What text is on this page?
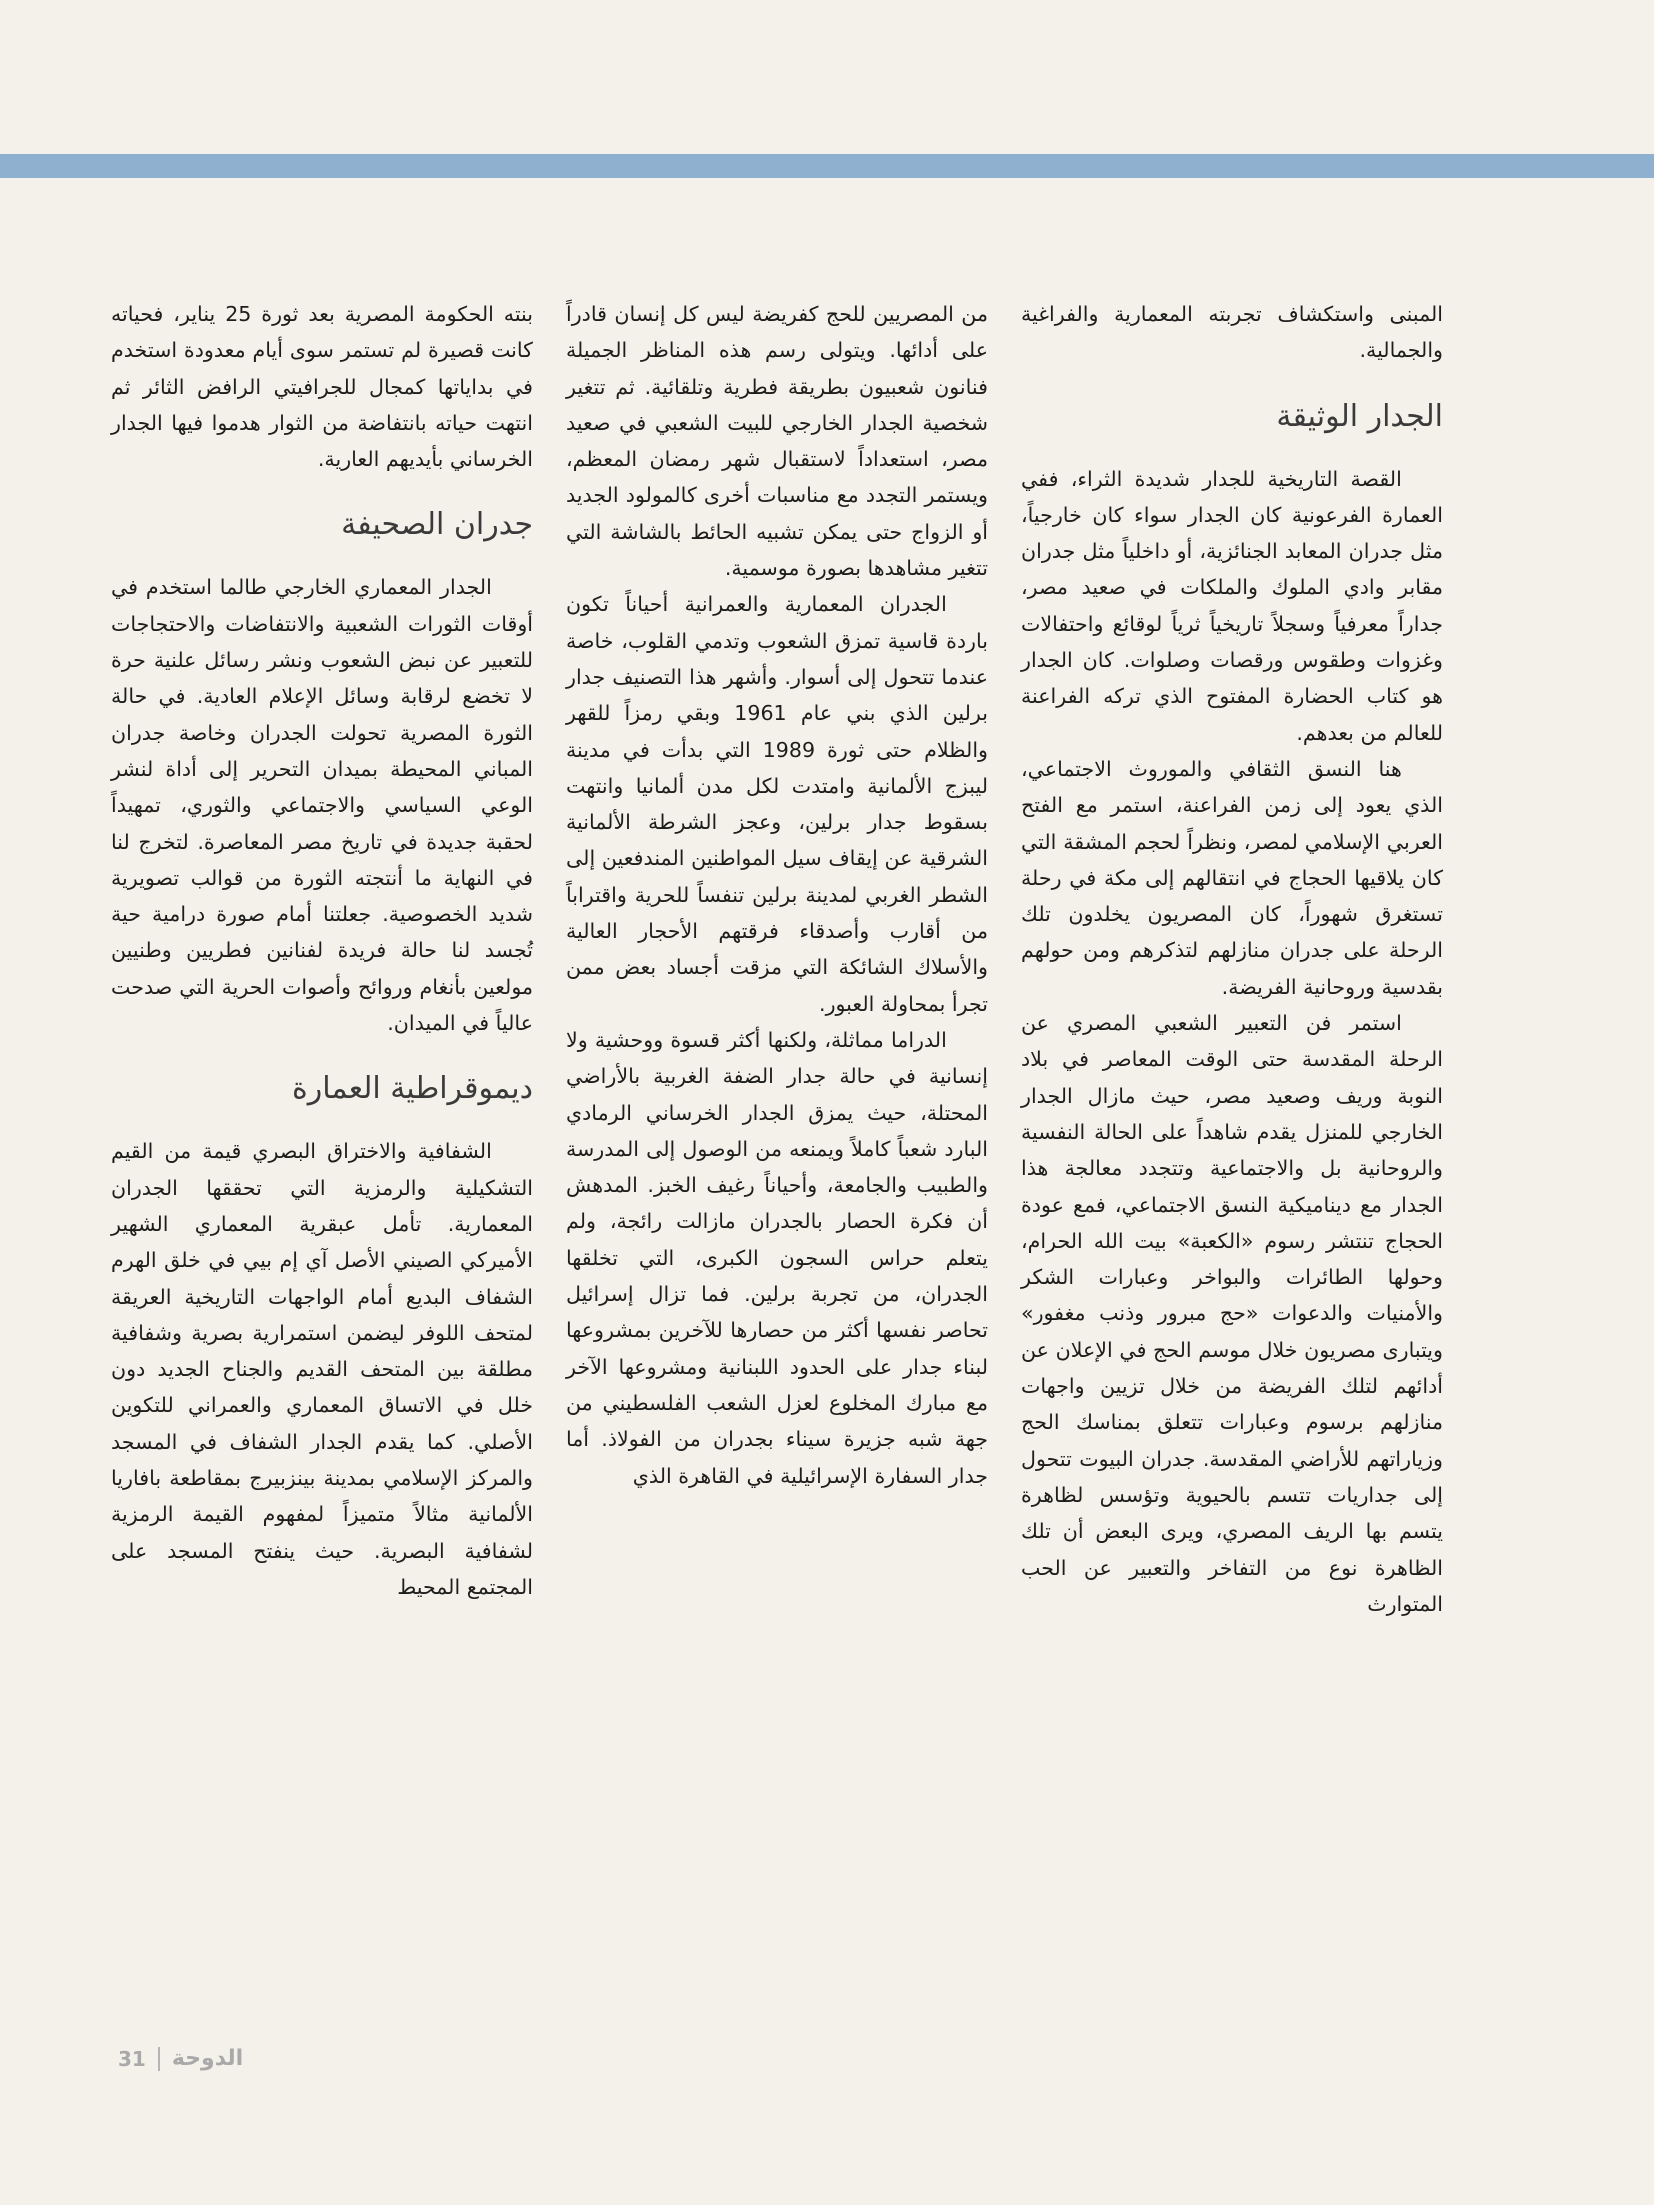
المبنى واستكشاف تجربته المعمارية والفراغية والجمالية.

الجدار الوثيقة

القصة التاريخية للجدار شديدة الثراء، ففي العمارة الفرعونية كان الجدار سواء كان خارجياً، مثل جدران المعابد الجنائزية، أو داخلياً مثل جدران مقابر وادي الملوك والملكات في صعيد مصر، جداراً معرفياً وسجلاً تاريخياً ثرياً لوقائع واحتفالات وغزوات وطقوس ورقصات وصلوات. كان الجدار هو كتاب الحضارة المفتوح الذي تركه الفراعنة للعالم من بعدهم.

هنا النسق الثقافي والموروث الاجتماعي، الذي يعود إلى زمن الفراعنة، استمر مع الفتح العربي الإسلامي لمصر، ونظراً لحجم المشقة التي كان يلاقيها الحجاج في انتقالهم إلى مكة في رحلة تستغرق شهوراً، كان المصريون يخلدون تلك الرحلة على جدران منازلهم لتذكرهم ومن حولهم بقدسية وروحانية الفريضة.

استمر فن التعبير الشعبي المصري عن الرحلة المقدسة حتى الوقت المعاصر في بلاد النوبة وريف وصعيد مصر، حيث مازال الجدار الخارجي للمنزل يقدم شاهداً على الحالة النفسية والروحانية بل والاجتماعية وتتجدد معالجة هذا الجدار مع ديناميكية النسق الاجتماعي، فمع عودة الحجاج تنتشر رسوم «الكعبة» بيت الله الحرام، وحولها الطائرات والبواخر وعبارات الشكر والأمنيات والدعوات «حج مبرور وذنب مغفور» ويتبارى مصريون خلال موسم الحج في الإعلان عن أدائهم لتلك الفريضة من خلال تزيين واجهات منازلهم برسوم وعبارات تتعلق بمناسك الحج وزياراتهم للأراضي المقدسة. جدران البيوت تتحول إلى جداريات تتسم بالحيوية وتؤسس لظاهرة يتسم بها الريف المصري، ويرى البعض أن تلك الظاهرة نوع من التفاخر والتعبير عن الحب المتوارث

من المصريين للحج كفريضة ليس كل إنسان قادراً على أدائها. ويتولى رسم هذه المناظر الجميلة فنانون شعبيون بطريقة فطرية وتلقائية. ثم تتغير شخصية الجدار الخارجي للبيت الشعبي في صعيد مصر، استعداداً لاستقبال شهر رمضان المعظم، ويستمر التجدد مع مناسبات أخرى كالمولود الجديد أو الزواج حتى يمكن تشبيه الحائط بالشاشة التي تتغير مشاهدها بصورة موسمية.

الجدران المعمارية والعمرانية أحياناً تكون باردة قاسية تمزق الشعوب وتدمي القلوب، خاصة عندما تتحول إلى أسوار. وأشهر هذا التصنيف جدار برلين الذي بني عام 1961 وبقي رمزاً للقهر والظلام حتى ثورة 1989 التي بدأت في مدينة ليبزج الألمانية وامتدت لكل مدن ألمانيا وانتهت بسقوط جدار برلين، وعجز الشرطة الألمانية الشرقية عن إيقاف سيل المواطنين المندفعين إلى الشطر الغربي لمدينة برلين تنفساً للحرية واقتراباً من أقارب وأصدقاء فرقتهم الأحجار العالية والأسلاك الشائكة التي مزقت أجساد بعض ممن تجرأ بمحاولة العبور.

الدراما مماثلة، ولكنها أكثر قسوة ووحشية ولا إنسانية في حالة جدار الضفة الغربية بالأراضي المحتلة، حيث يمزق الجدار الخرساني الرمادي البارد شعباً كاملاً ويمنعه من الوصول إلى المدرسة والطبيب والجامعة، وأحياناً رغيف الخبز. المدهش أن فكرة الحصار بالجدران مازالت رائجة، ولم يتعلم حراس السجون الكبرى، التي تخلقها الجدران، من تجربة برلين. فما تزال إسرائيل تحاصر نفسها أكثر من حصارها للآخرين بمشروعها لبناء جدار على الحدود اللبنانية ومشروعها الآخر مع مبارك المخلوع لعزل الشعب الفلسطيني من جهة شبه جزيرة سيناء بجدران من الفولاذ. أما جدار السفارة الإسرائيلية في القاهرة الذي

بنته الحكومة المصرية بعد ثورة 25 يناير، فحياته كانت قصيرة لم تستمر سوى أيام معدودة استخدم في بداياتها كمجال للجرافيتي الرافض الثائر ثم انتهت حياته بانتفاضة من الثوار هدموا فيها الجدار الخرساني بأيديهم العارية.

جدران الصحيفة

الجدار المعماري الخارجي طالما استخدم في أوقات الثورات الشعبية والانتفاضات والاحتجاجات للتعبير عن نبض الشعوب ونشر رسائل علنية حرة لا تخضع لرقابة وسائل الإعلام العادية. في حالة الثورة المصرية تحولت الجدران وخاصة جدران المباني المحيطة بميدان التحرير إلى أداة لنشر الوعي السياسي والاجتماعي والثوري، تمهيداً لحقبة جديدة في تاريخ مصر المعاصرة. لتخرج لنا في النهاية ما أنتجته الثورة من قوالب تصويرية شديد الخصوصية. جعلتنا أمام صورة درامية حية تُجسد لنا حالة فريدة لفنانين فطريين وطنيين مولعين بأنغام وروائح وأصوات الحرية التي صدحت عالياً في الميدان.

ديموقراطية العمارة

الشفافية والاختراق البصري قيمة من القيم التشكيلية والرمزية التي تحققها الجدران المعمارية. تأمل عبقرية المعماري الشهير الأميركي الصيني الأصل آي إم بيي في خلق الهرم الشفاف البديع أمام الواجهات التاريخية العريقة لمتحف اللوفر ليضمن استمرارية بصرية وشفافية مطلقة بين المتحف القديم والجناح الجديد دون خلل في الاتساق المعماري والعمراني للتكوين الأصلي. كما يقدم الجدار الشفاف في المسجد والمركز الإسلامي بمدينة بينزبيرج بمقاطعة بافاريا الألمانية مثالاً متميزاً لمفهوم القيمة الرمزية لشفافية البصرية. حيث ينفتح المسجد على المجتمع المحيط

31 الدوحة
